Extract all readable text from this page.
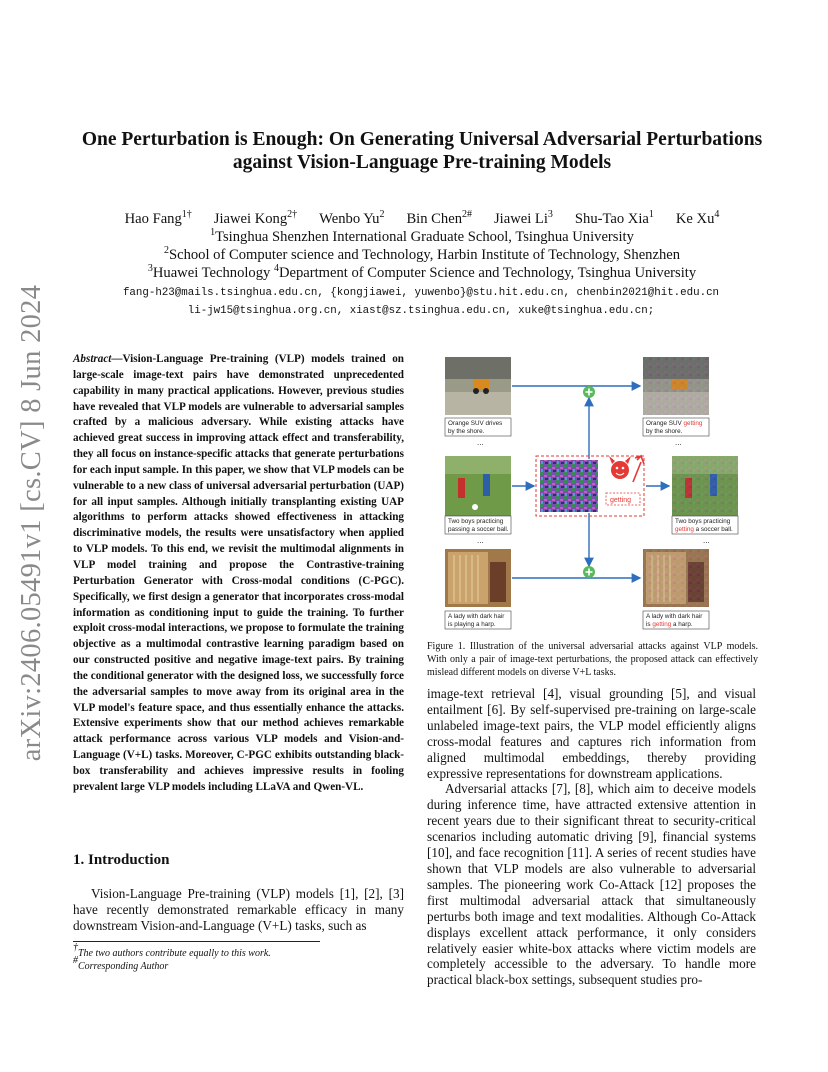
arXiv:2406.05491v1 [cs.CV] 8 Jun 2024
One Perturbation is Enough: On Generating Universal Adversarial Perturbations
against Vision-Language Pre-training Models
Hao Fang$^{1\dagger}$ Jiawei Kong$^{2\dagger}$ Wenbo Yu$^2$ Bin Chen$^{2\#}$ Jiawei Li$^3$ Shu-Tao Xia$^1$ Ke Xu$^4$
$^1$Tsinghua Shenzhen International Graduate School, Tsinghua University
$^2$School of Computer science and Technology, Harbin Institute of Technology, Shenzhen
$^3$Huawei Technology $^4$Department of Computer Science and Technology, Tsinghua University
fang-h23@mails.tsinghua.edu.cn, {kongjiawei, yuwenbo}@stu.hit.edu.cn, chenbin2021@hit.edu.cn
li-jw15@tsinghua.org.cn, xiast@sz.tsinghua.edu.cn, xuke@tsinghua.edu.cn;
Abstract—Vision-Language Pre-training (VLP) models trained on large-scale image-text pairs have demonstrated unprecedented capability in many practical applications. However, previous studies have revealed that VLP models are vulnerable to adversarial samples crafted by a malicious adversary. While existing attacks have achieved great success in improving attack effect and transferability, they all focus on instance-specific attacks that generate perturbations for each input sample. In this paper, we show that VLP models can be vulnerable to a new class of universal adversarial perturbation (UAP) for all input samples. Although initially transplanting existing UAP algorithms to perform attacks showed effectiveness in attacking discriminative models, the results were unsatisfactory when applied to VLP models. To this end, we revisit the multimodal alignments in VLP model training and propose the Contrastive-training Perturbation Generator with Cross-modal conditions (C-PGC). Specifically, we first design a generator that incorporates cross-modal information as conditioning input to guide the training. To further exploit cross-modal interactions, we propose to formulate the training objective as a multimodal contrastive learning paradigm based on our constructed positive and negative image-text pairs. By training the conditional generator with the designed loss, we successfully force the adversarial samples to move away from its original area in the VLP model's feature space, and thus essentially enhance the attacks. Extensive experiments show that our method achieves remarkable attack performance across various VLP models and Vision-and-Language (V+L) tasks. Moreover, C-PGC exhibits outstanding black-box transferability and achieves impressive results in fooling prevalent large VLP models including LLaVA and Qwen-VL.
1. Introduction
Vision-Language Pre-training (VLP) models [1], [2], [3] have recently demonstrated remarkable efficacy in many downstream Vision-and-Language (V+L) tasks, such as
†The two authors contribute equally to this work.
#Corresponding Author
Orange SUV drives
by the shore.
Orange SUV getting
by the shore.
Two boys practicing
passing a soccer ball.
Two boys practicing
getting a soccer ball.
A lady with dark hair
is playing a harp.
A lady with dark hair
is getting a harp.
...	...
...	...
getting
Figure 1. Illustration of the universal adversarial attacks against VLP models. With only a pair of image-text perturbations, the proposed attack can effectively mislead different models on diverse V+L tasks.

image-text retrieval [4], visual grounding [5], and visual entailment [6]. By self-supervised pre-training on large-scale unlabeled image-text pairs, the VLP model efficiently aligns cross-modal features and captures rich information from aligned multimodal embeddings, thereby providing expressive representations for downstream applications.

Adversarial attacks [7], [8], which aim to deceive models during inference time, have attracted extensive attention in recent years due to their significant threat to security-critical scenarios including automatic driving [9], financial systems [10], and face recognition [11]. A series of recent studies have shown that VLP models are also vulnerable to adversarial samples. The pioneering work Co-Attack [12] proposes the first multimodal adversarial attack that simultaneously perturbs both image and text modalities. Although Co-Attack displays excellent attack performance, it only considers relatively easier white-box attacks where victim models are completely accessible to the adversary. To handle more practical black-box settings, subsequent studies pro-
